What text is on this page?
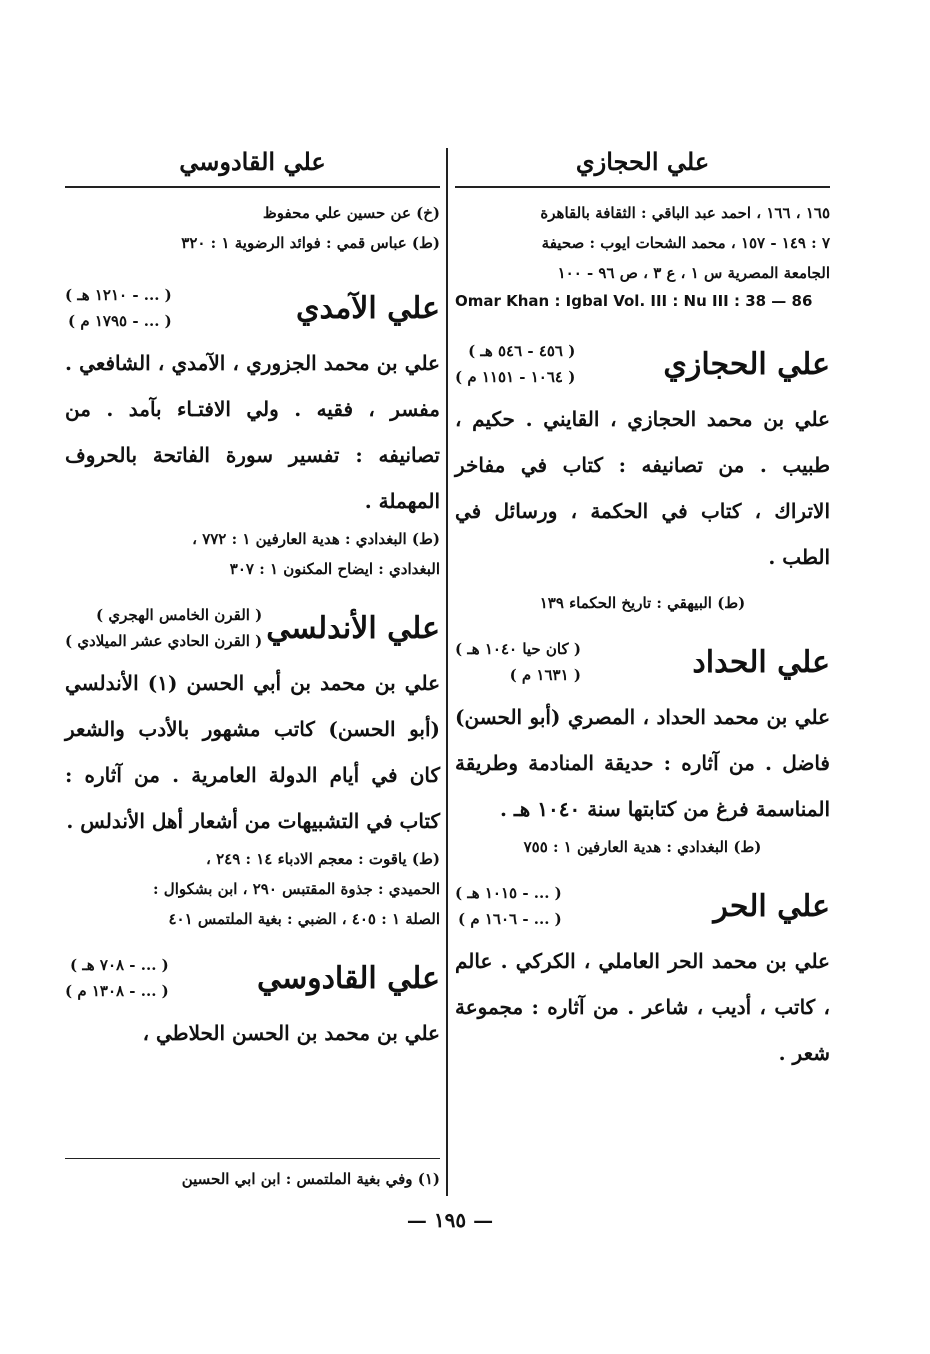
علي الحجازي

١٦٥ ، ١٦٦ ، احمد عبد الباقي : الثقافة بالقاهرة

٧ : ١٤٩ - ١٥٧ ، محمد الشحات ايوب : صحيفة

الجامعة المصرية س ١ ، ع ٣ ، ص ٩٦ - ١٠٠

Omar Khan : Igbal Vol. III : Nu III : 38 — 86
علي الحجازي
( ٤٥٦ - ٥٤٦ هـ )
( ١٠٦٤ - ١١٥١ م )

علي بن محمد الحجازي ، القايني . حكيم ، طبيب . من تصانيفه : كتاب في مفاخر الاتراك ، كتاب في الحكمة ، ورسائل في الطب .

(ط) البيهقي : تاريخ الحكماء ١٣٩

علي الحداد
( كان حيا ١٠٤٠ هـ )
( ١٦٣١ م )

علي بن محمد الحداد ، المصري (أبو الحسن) فاضل . من آثاره : حديقة المنادمة وطريقة المناسمة فرغ من كتابتها سنة ١٠٤٠ هـ .

(ط) البغدادي : هدية العارفين ١ : ٧٥٥

علي الحر
( ... - ١٠١٥ هـ )
( ... - ١٦٠٦ م )

علي بن محمد الحر العاملي ، الكركي . عالم ، كاتب ، أديب ، شاعر . من آثاره : مجموعة شعر .

علي القادوسي

(خ) عن حسين علي محفوظ

(ط) عباس قمي : فوائد الرضوية ١ : ٣٢٠

علي الآمدي
( ... - ١٢١٠ هـ )
( ... - ١٧٩٥ م )

علي بن محمد الجزوري ، الآمدي ، الشافعي . مفسر ، فقيه . ولي الافتـاء بآمد . من تصانيفه : تفسير سورة الفاتحة بالحروف المهملة .

(ط) البغدادي : هدية العارفين ١ : ٧٧٢ ،

البغدادي : ايضاح المكنون ١ : ٣٠٧

علي الأندلسي
( القرن الخامس الهجري )
( القرن الحادي عشر الميلادي )

علي بن محمد بن أبي الحسن (١) الأندلسي (أبو الحسن) كاتب مشهور بالأدب والشعر كان في أيام الدولة العامرية . من آثاره : كتاب في التشبيهات من أشعار أهل الأندلس .

(ط) ياقوت : معجم الادباء ١٤ : ٢٤٩ ،

الحميدي : جذوة المقتبس ٢٩٠ ، ابن بشكوال :

الصلة ١ : ٤٠٥ ، الضبي : بغية الملتمس ٤٠١

علي القادوسي
( ... - ٧٠٨ هـ )
( ... - ١٣٠٨ م )

علي بن محمد بن الحسن الحلاطي ،

(١) وفي بغية الملتمس : ابن ابي الحسين
— ١٩٥ —
